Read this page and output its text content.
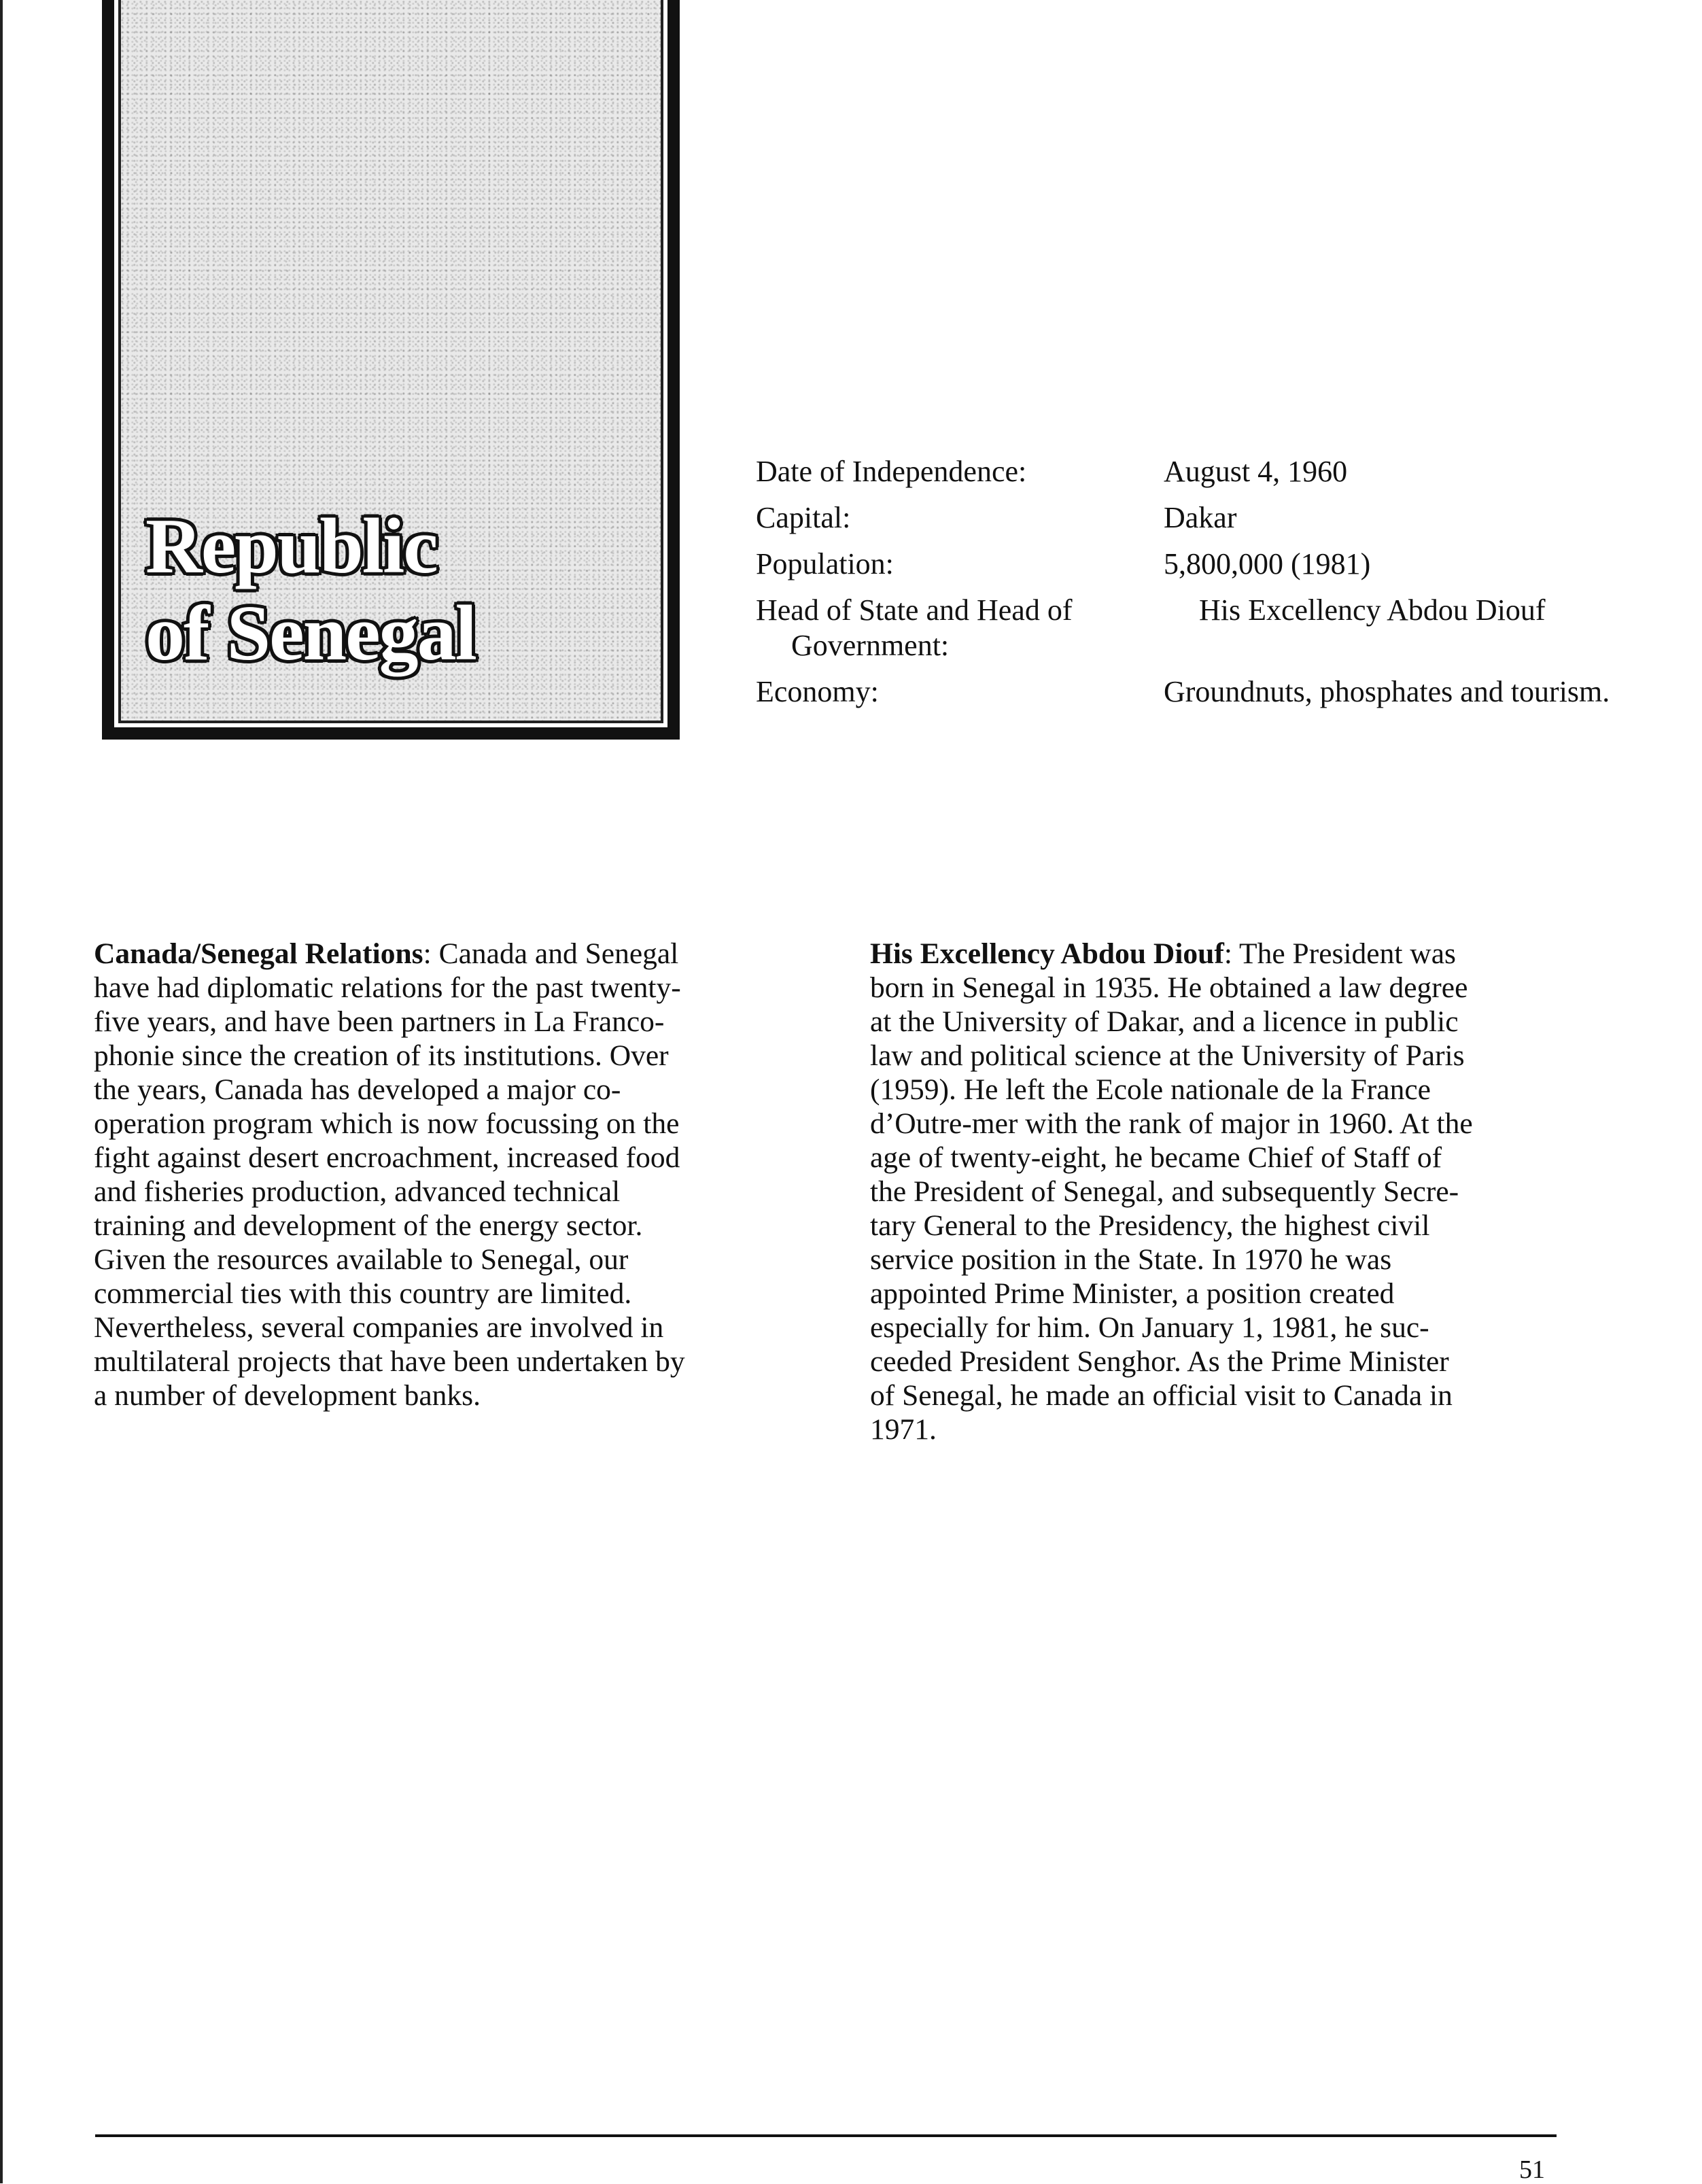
Republic
of Senegal
Date of Independence:	August 4, 1960
Capital:	Dakar
Population:	5,800,000 (1981)
Head of State and Head of Government:
His Excellency Abdou Diouf
Economy:	Groundnuts, phosphates and tourism.
Canada/Senegal Relations: Canada and Senegal
have had diplomatic relations for the past twenty-
five years, and have been partners in La Franco-
phonie since the creation of its institutions. Over
the years, Canada has developed a major co-
operation program which is now focussing on the
fight against desert encroachment, increased food
and fisheries production, advanced technical
training and development of the energy sector.
Given the resources available to Senegal, our
commercial ties with this country are limited.
Nevertheless, several companies are involved in
multilateral projects that have been undertaken by
a number of development banks.
His Excellency Abdou Diouf: The President was
born in Senegal in 1935. He obtained a law degree
at the University of Dakar, and a licence in public
law and political science at the University of Paris
(1959). He left the Ecole nationale de la France
d’Outre-mer with the rank of major in 1960. At the
age of twenty-eight, he became Chief of Staff of
the President of Senegal, and subsequently Secre-
tary General to the Presidency, the highest civil
service position in the State. In 1970 he was
appointed Prime Minister, a position created
especially for him. On January 1, 1981, he suc-
ceeded President Senghor. As the Prime Minister
of Senegal, he made an official visit to Canada in
1971.
51
